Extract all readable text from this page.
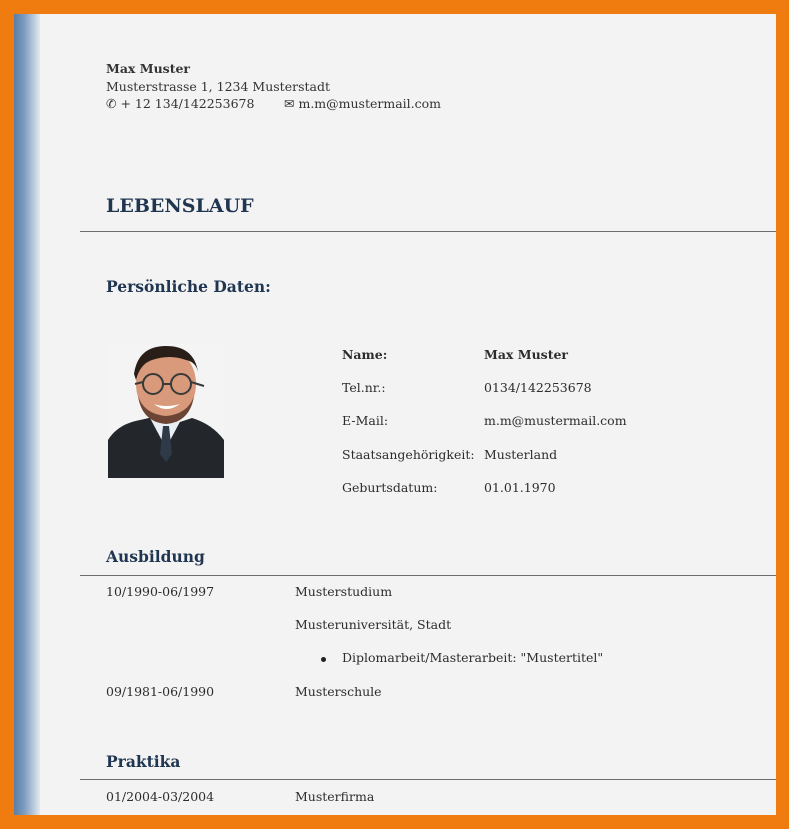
Max Muster
Musterstrasse 1, 1234 Musterstadt
✆ + 12 134/142253678 ✉ m.m@mustermail.com
LEBENSLAUF
Persönliche Daten:
Name:	Max Muster
Tel.nr.:	0134/142253678
E-Mail:	m.m@mustermail.com
Staatsangehörigkeit: Musterland
Geburtsdatum:	01.01.1970
Ausbildung
10/1990-06/1997	Musterstudium
Musteruniversität, Stadt
Diplomarbeit/Masterarbeit: "Mustertitel"
09/1981-06/1990	Musterschule
Praktika
01/2004-03/2004	Musterfirma
